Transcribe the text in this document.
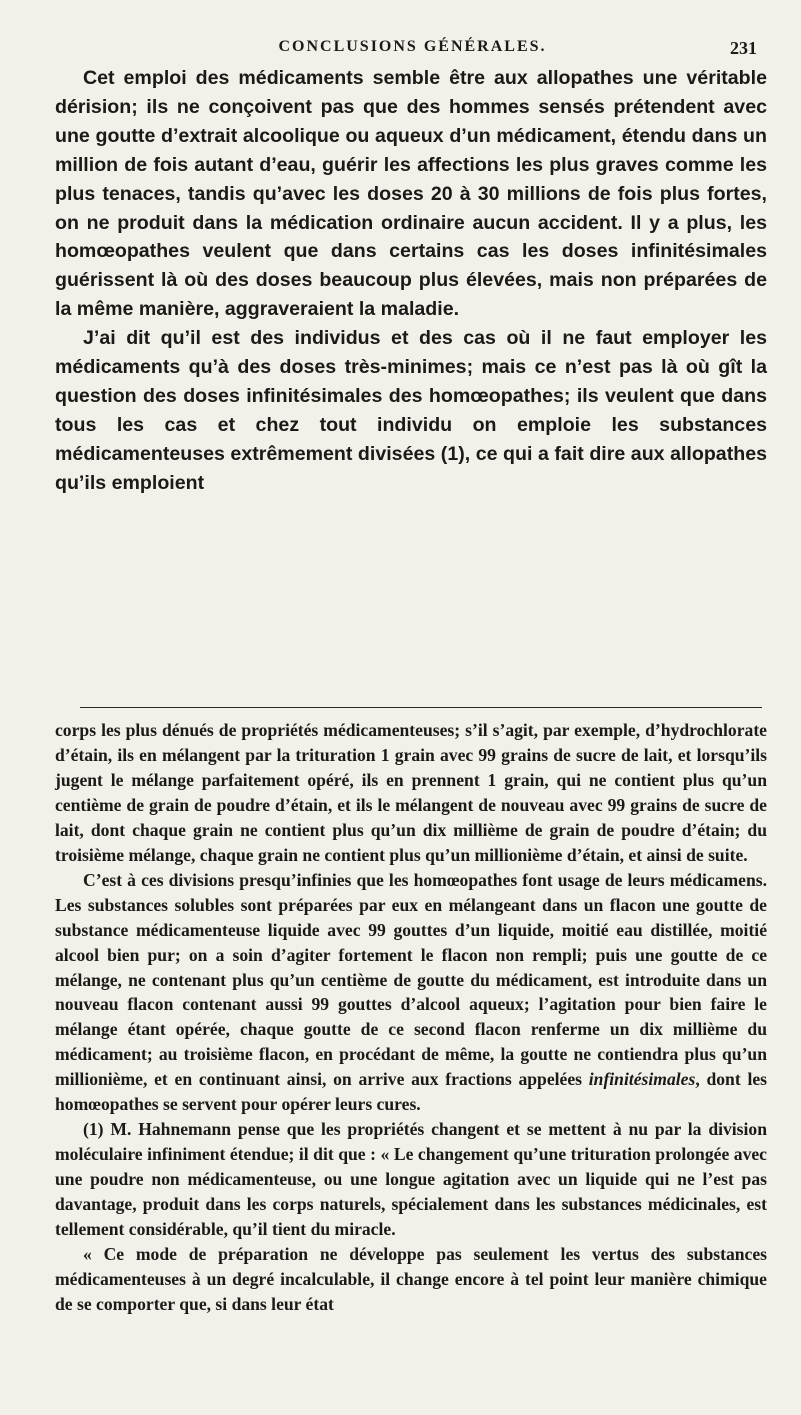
CONCLUSIONS GÉNÉRALES.	231

Cet emploi des médicaments semble être aux allopathes une véritable dérision; ils ne conçoivent pas que des hommes sensés prétendent avec une goutte d’extrait alcoolique ou aqueux d’un médicament, étendu dans un million de fois autant d’eau, guérir les affections les plus graves comme les plus tenaces, tandis qu’avec les doses 20 à 30 millions de fois plus fortes, on ne produit dans la médication ordinaire aucun accident. Il y a plus, les homœopathes veulent que dans certains cas les doses infinitésimales guérissent là où des doses beaucoup plus élevées, mais non préparées de la même manière, aggraveraient la maladie.

J’ai dit qu’il est des individus et des cas où il ne faut employer les médicaments qu’à des doses très-minimes; mais ce n’est pas là où gît la question des doses infinitésimales des homœopathes; ils veulent que dans tous les cas et chez tout individu on emploie les substances médicamenteuses extrêmement divisées (1), ce qui a fait dire aux allopathes qu’ils emploient

corps les plus dénués de propriétés médicamenteuses; s’il s’agit, par exemple, d’hydrochlorate d’étain, ils en mélangent par la trituration 1 grain avec 99 grains de sucre de lait, et lorsqu’ils jugent le mélange parfaitement opéré, ils en prennent 1 grain, qui ne contient plus qu’un centième de grain de poudre d’étain, et ils le mélangent de nouveau avec 99 grains de sucre de lait, dont chaque grain ne contient plus qu’un dix millième de grain de poudre d’étain; du troisième mélange, chaque grain ne contient plus qu’un millionième d’étain, et ainsi de suite.

C’est à ces divisions presqu’infinies que les homœopathes font usage de leurs médicamens. Les substances solubles sont préparées par eux en mélangeant dans un flacon une goutte de substance médicamenteuse liquide avec 99 gouttes d’un liquide, moitié eau distillée, moitié alcool bien pur; on a soin d’agiter fortement le flacon non rempli; puis une goutte de ce mélange, ne contenant plus qu’un centième de goutte du médicament, est introduite dans un nouveau flacon contenant aussi 99 gouttes d’alcool aqueux; l’agitation pour bien faire le mélange étant opérée, chaque goutte de ce second flacon renferme un dix millième du médicament; au troisième flacon, en procédant de même, la goutte ne contiendra plus qu’un millionième, et en continuant ainsi, on arrive aux fractions appelées infinitésimales, dont les homœopathes se servent pour opérer leurs cures.

(1) M. Hahnemann pense que les propriétés changent et se mettent à nu par la division moléculaire infiniment étendue; il dit que : « Le changement qu’une trituration prolongée avec une poudre non médicamenteuse, ou une longue agitation avec un liquide qui ne l’est pas davantage, produit dans les corps naturels, spécialement dans les substances médicinales, est tellement considérable, qu’il tient du miracle.

« Ce mode de préparation ne développe pas seulement les vertus des substances médicamenteuses à un degré incalculable, il change encore à tel point leur manière chimique de se comporter que, si dans leur état
